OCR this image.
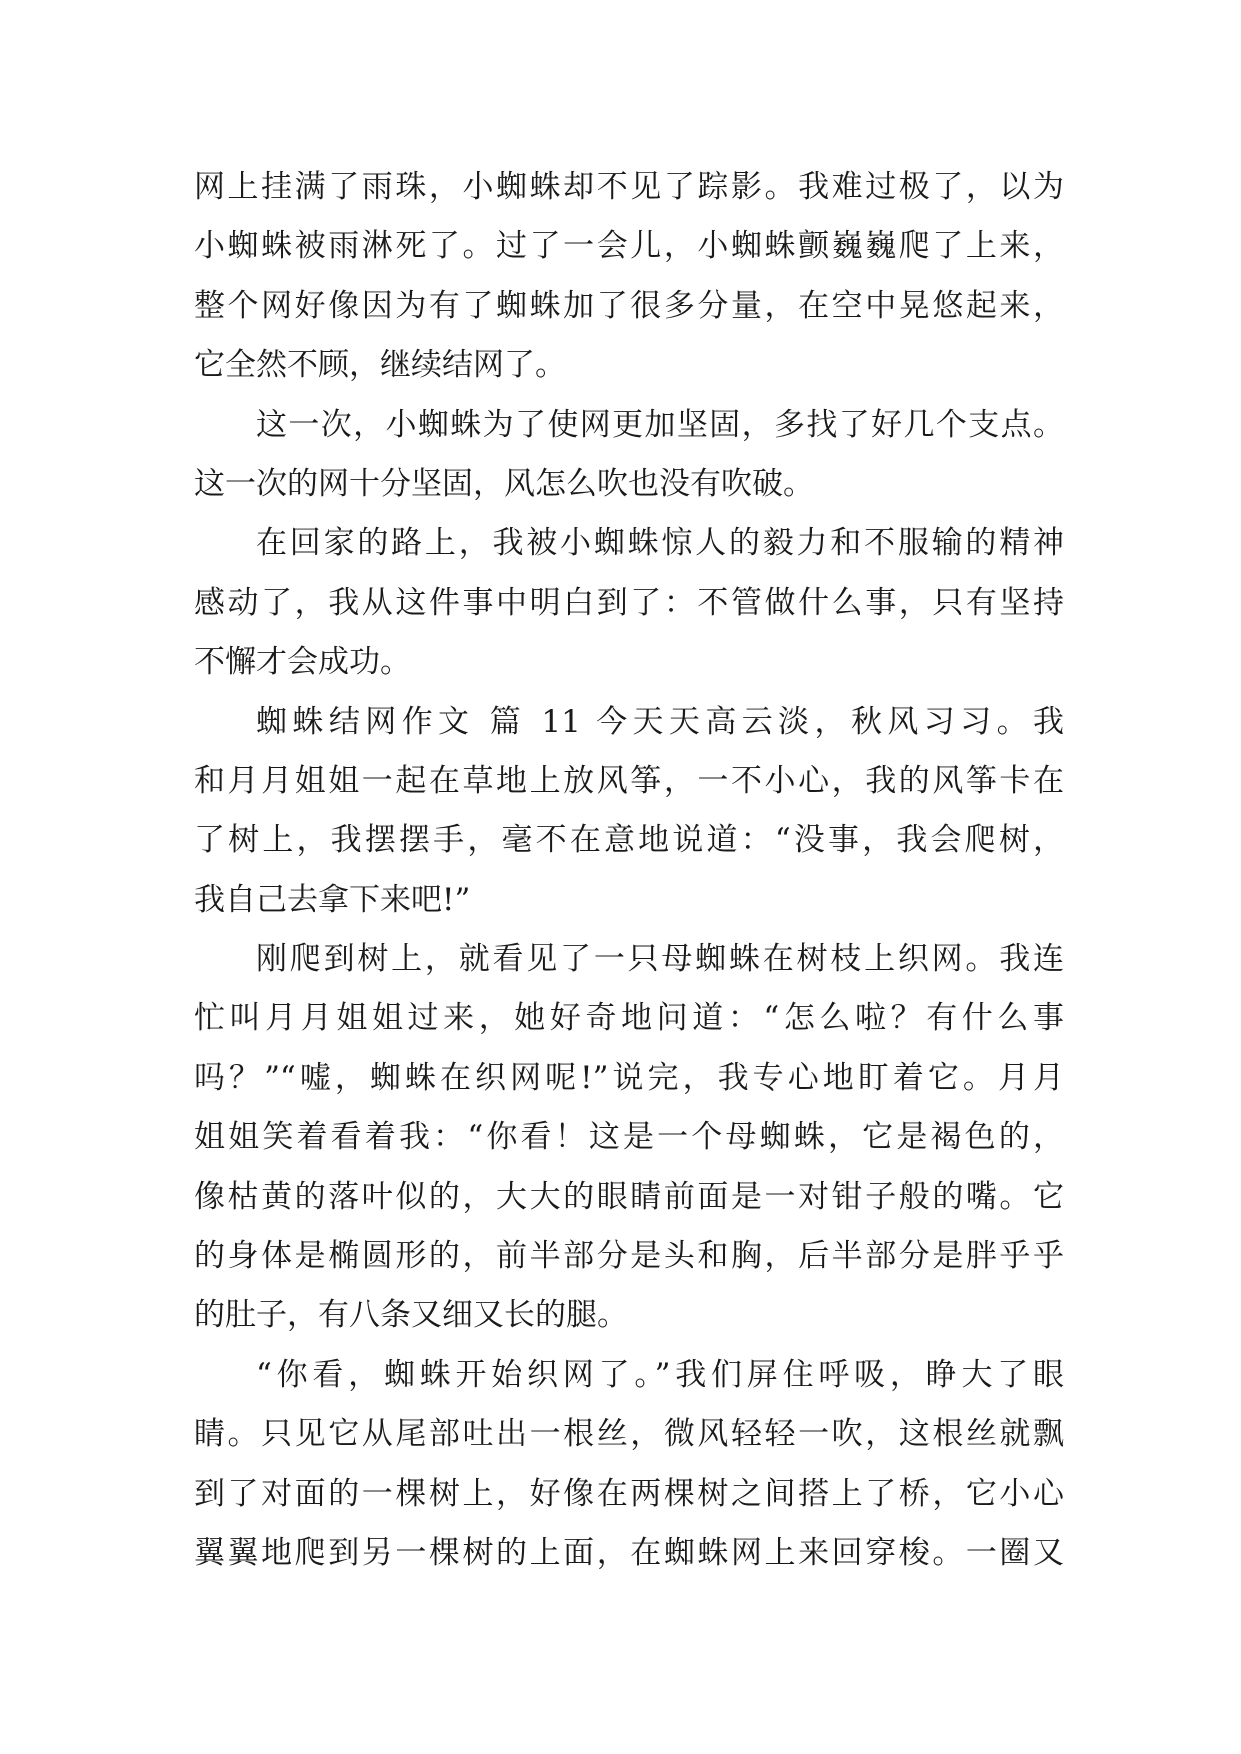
网上挂满了雨珠，小蜘蛛却不见了踪影。我难过极了，以为
小蜘蛛被雨淋死了。过了一会儿，小蜘蛛颤巍巍爬了上来，
整个网好像因为有了蜘蛛加了很多分量，在空中晃悠起来，
它全然不顾，继续结网了。
这一次，小蜘蛛为了使网更加坚固，多找了好几个支点。
这一次的网十分坚固，风怎么吹也没有吹破。
在回家的路上，我被小蜘蛛惊人的毅力和不服输的精神
感动了，我从这件事中明白到了：不管做什么事，只有坚持
不懈才会成功。
蜘蛛结网作文 篇 11 今天天高云淡，秋风习习。我
和月月姐姐一起在草地上放风筝，一不小心，我的风筝卡在
了树上，我摆摆手，毫不在意地说道：“没事，我会爬树，
我自己去拿下来吧!”
刚爬到树上，就看见了一只母蜘蛛在树枝上织网。我连
忙叫月月姐姐过来，她好奇地问道：“怎么啦？有什么事
吗？”“嘘，蜘蛛在织网呢!”说完，我专心地盯着它。月月
姐姐笑着看着我：“你看！这是一个母蜘蛛，它是褐色的，
像枯黄的落叶似的，大大的眼睛前面是一对钳子般的嘴。它
的身体是椭圆形的，前半部分是头和胸，后半部分是胖乎乎
的肚子，有八条又细又长的腿。
“你看，蜘蛛开始织网了。”我们屏住呼吸，睁大了眼
睛。只见它从尾部吐出一根丝，微风轻轻一吹，这根丝就飘
到了对面的一棵树上，好像在两棵树之间搭上了桥，它小心
翼翼地爬到另一棵树的上面，在蜘蛛网上来回穿梭。一圈又
